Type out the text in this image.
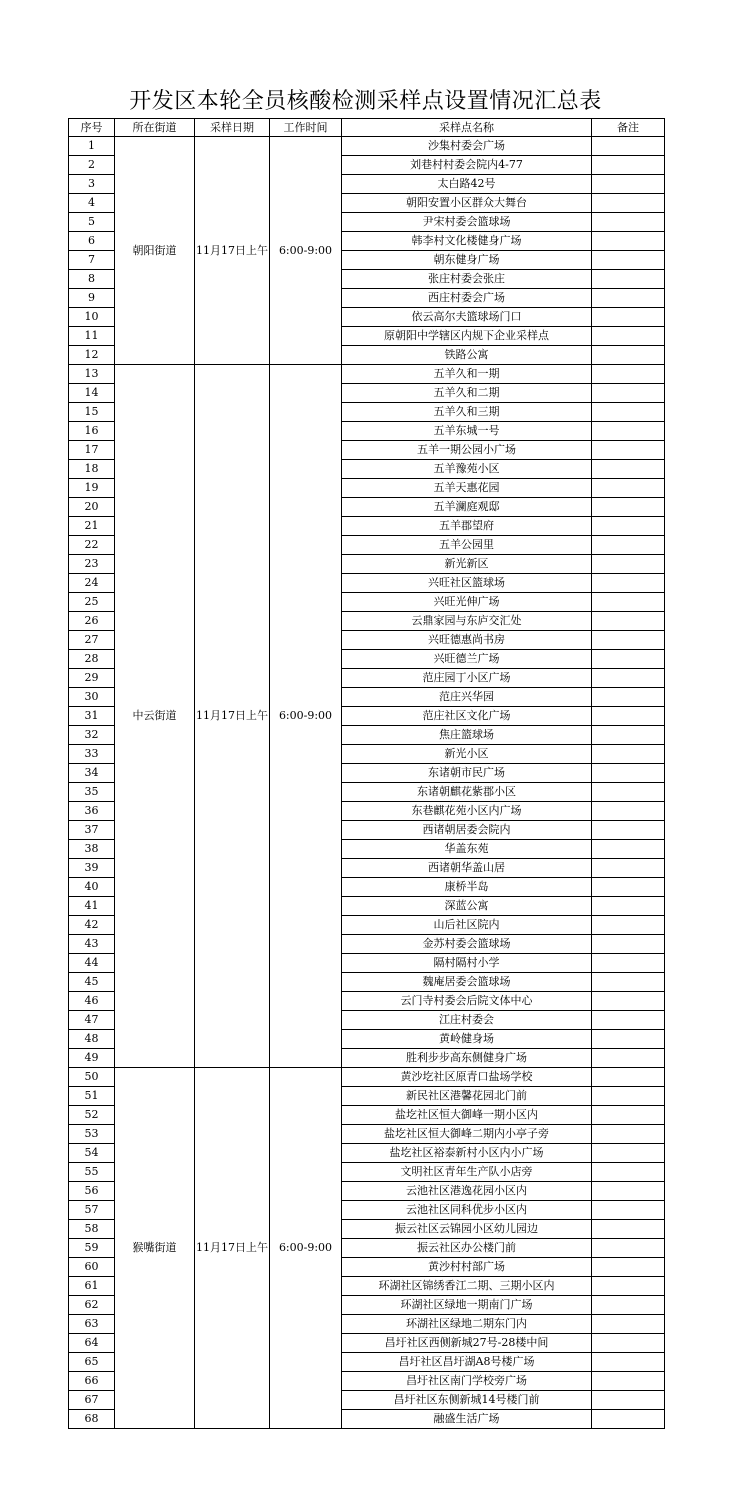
开发区本轮全员核酸检测采样点设置情况汇总表
序号	所在街道	采样日期	工作时间	采样点名称	备注
1	朝阳街道	11月17日上午	6:00-9:00	沙集村委会广场	
2				刘巷村村委会院内4-77	
3				太白路42号	
4				朝阳安置小区群众大舞台	
5				尹宋村委会篮球场	
6				韩李村文化楼健身广场	
7				朝东健身广场	
8				张庄村委会张庄	
9				西庄村委会广场	
10				依云高尔夫篮球场门口	
11				原朝阳中学辖区内规下企业采样点	
12				铁路公寓	
13	中云街道	11月17日上午	6:00-9:00	五羊久和一期	
14				五羊久和二期	
15				五羊久和三期	
16				五羊东城一号	
17				五羊一期公园小广场	
18				五羊豫苑小区	
19				五羊天惠花园	
20				五羊澜庭观邸	
21				五羊郡望府	
22				五羊公园里	
23				新光新区	
24				兴旺社区篮球场	
25				兴旺光伸广场	
26				云鼎家园与东庐交汇处	
27				兴旺德惠尚书房	
28				兴旺德兰广场	
29				范庄园丁小区广场	
30				范庄兴华园	
31				范庄社区文化广场	
32				焦庄篮球场	
33				新光小区	
34				东诸朝市民广场	
35				东诸朝麒花紫郡小区	
36				东巷麒花苑小区内广场	
37				西诸朝居委会院内	
38				华盖东苑	
39				西诸朝华盖山居	
40				康桥半岛	
41				深蓝公寓	
42				山后社区院内	
43				金苏村委会篮球场	
44				隔村隔村小学	
45				魏庵居委会篮球场	
46				云门寺村委会后院文体中心	
47				江庄村委会	
48				黄岭健身场	
49				胜利步步高东侧健身广场	
50	猴嘴街道	11月17日上午	6:00-9:00	黄沙圪社区原青口盐场学校	
51				新民社区港馨花园北门前	
52				盐圪社区恒大御峰一期小区内	
53				盐圪社区恒大御峰二期内小亭子旁	
54				盐圪社区裕泰新村小区内小广场	
55				文明社区青年生产队小店旁	
56				云池社区港逸花园小区内	
57				云池社区同科优步小区内	
58				振云社区云锦园小区幼儿园边	
59				振云社区办公楼门前	
60				黄沙村村部广场	
61				环湖社区锦绣香江二期、三期小区内	
62				环湖社区绿地一期南门广场	
63				环湖社区绿地二期东门内	
64				昌圩社区西侧新城27号-28楼中间	
65				昌圩社区昌圩湖A8号楼广场	
66				昌圩社区南门学校旁广场	
67				昌圩社区东侧新城14号楼门前	
68				融盛生活广场	
